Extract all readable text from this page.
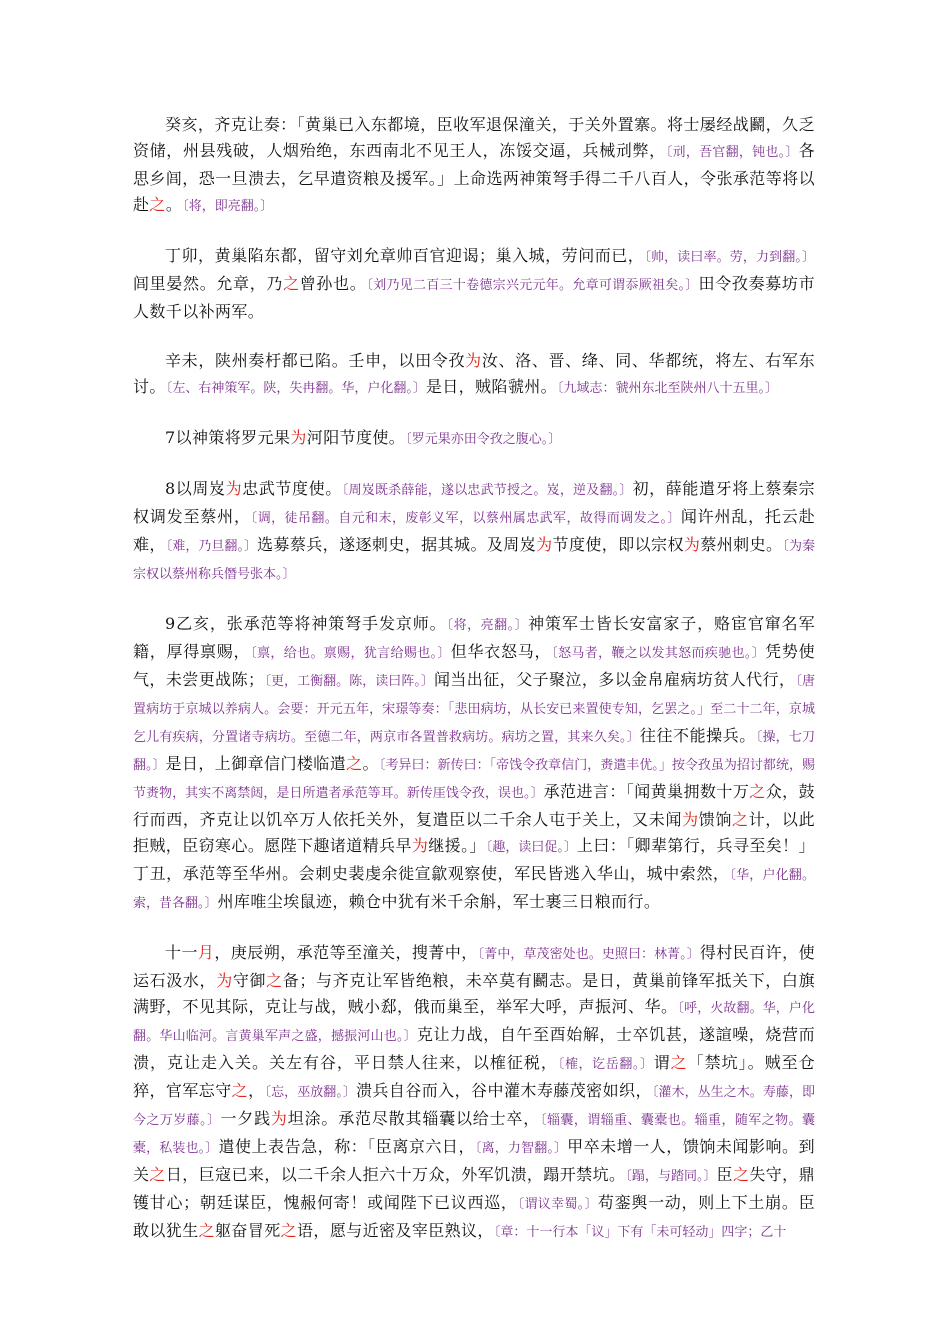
癸亥，齐克让奏：「黄巢已入东都境，臣收军退保潼关，于关外置寨。将士屡经战鬬，久乏资储，州县残破，人烟殆绝，东西南北不见王人，冻馁交逼，兵械刓弊，〔刓，吾官翻，钝也。〕各思乡闾，恐一旦溃去，乞早遣资粮及援军。」上命选两神策弩手得二千八百人，令张承范等将以赴之。〔将，即亮翻。〕

丁卯，黄巢陷东都，留守刘允章帅百官迎谒；巢入城，劳问而已，〔帅，读曰率。劳，力到翻。〕闾里晏然。允章，乃之曾孙也。〔刘乃见二百三十卷德宗兴元元年。允章可谓忝厥祖矣。〕田令孜奏募坊市人数千以补两军。

辛未，陕州奏杅都已陷。壬申，以田令孜为汝、洛、晋、绛、同、华都统，将左、右军东讨。〔左、右神策军。陕，失冉翻。华，户化翻。〕是日，贼陷虢州。〔九域志：虢州东北至陕州八十五里。〕

7以神策将罗元果为河阳节度使。〔罗元果亦田令孜之腹心。〕

8以周岌为忠武节度使。〔周岌既杀薛能，遂以忠武节授之。岌，逆及翻。〕初，薛能遣牙将上蔡秦宗权调发至蔡州，〔调，徒吊翻。自元和末，废彰义军，以蔡州属忠武军，故得而调发之。〕闻许州乱，托云赴难，〔难，乃旦翻。〕选募蔡兵，遂逐刺史，据其城。及周岌为节度使，即以宗权为蔡州刺史。〔为秦宗权以蔡州称兵僭号张本。〕

9乙亥，张承范等将神策弩手发京师。〔将，亮翻。〕神策军士皆长安富家子，赂宦官窜名军籍，厚得禀赐，〔禀，给也。禀赐，犹言给赐也。〕但华衣怒马，〔怒马者，鞭之以发其怒而疾驰也。〕凭势使气，未尝更战陈；〔更，工衡翻。陈，读曰阵。〕闻当出征，父子聚泣，多以金帛雇病坊贫人代行，〔唐置病坊于京城以养病人。会要：开元五年，宋璟等奏：「悲田病坊，从长安已来置使专知，乞罢之。」至二十二年，京城乞儿有疾病，分置诸寺病坊。至德二年，两京市各置普救病坊。病坊之置，其来久矣。〕往往不能操兵。〔操，七刀翻。〕是日，上御章信门楼临遣之。〔考异曰：新传曰：「帝饯令孜章信门，赉遣丰优。」按令孜虽为招讨都统，赐节赉物，其实不离禁闼，是日所遣者承范等耳。新传厓饯令孜，误也。〕承范进言：「闻黄巢拥数十万之众，鼓行而西，齐克让以饥卒万人依托关外，复遣臣以二千余人屯于关上，又未闻为馈饷之计，以此拒贼，臣窃寒心。愿陛下趣诸道精兵早为继援。」〔趣，读曰促。〕上曰：「卿辈第行，兵寻至矣！」丁丑，承范等至华州。会刺史裴虔余徙宣歙观察使，军民皆逃入华山，城中索然，〔华，户化翻。索，昔各翻。〕州库唯尘埃鼠迹，赖仓中犹有米千余斛，军士裹三日粮而行。

十一月，庚辰朔，承范等至潼关，搜菁中，〔菁中，草茂密处也。史照曰：林菁。〕得村民百许，使运石汲水，为守御之备；与齐克让军皆绝粮，未卒莫有鬬志。是日，黄巢前锋军抵关下，白旗满野，不见其际，克让与战，贼小郄，俄而巢至，举军大呼，声振河、华。〔呼，火故翻。华，户化翻。华山临河。言黄巢军声之盛，撼振河山也。〕克让力战，自午至酉始解，士卒饥甚，遂諠噪，烧营而溃，克让走入关。关左有谷，平日禁人往来，以榷征税，〔榷，讫岳翻。〕谓之「禁坑」。贼至仓猝，官军忘守之，〔忘，巫放翻。〕溃兵自谷而入，谷中灌木寿藤茂密如织，〔灌木，丛生之木。寿藤，即今之万岁藤。〕一夕践为坦涂。承范尽散其辎囊以给士卒，〔辎囊，谓辎重、囊橐也。辎重，随军之物。囊橐，私装也。〕遣使上表告急，称：「臣离京六日，〔离，力智翻。〕甲卒未增一人，馈饷未闻影响。到关之日，巨寇已来，以二千余人拒六十万众，外军饥溃，蹋开禁坑。〔蹋，与踏同。〕臣之失守，鼎镬甘心；朝廷谋臣，愧赧何寄！或闻陛下已议西巡，〔谓议幸蜀。〕苟銮舆一动，则上下土崩。臣敢以犹生之躯奋冒死之语，愿与近密及宰臣熟议，〔章：十一行本「议」下有「未可轻动」四字；乙十
